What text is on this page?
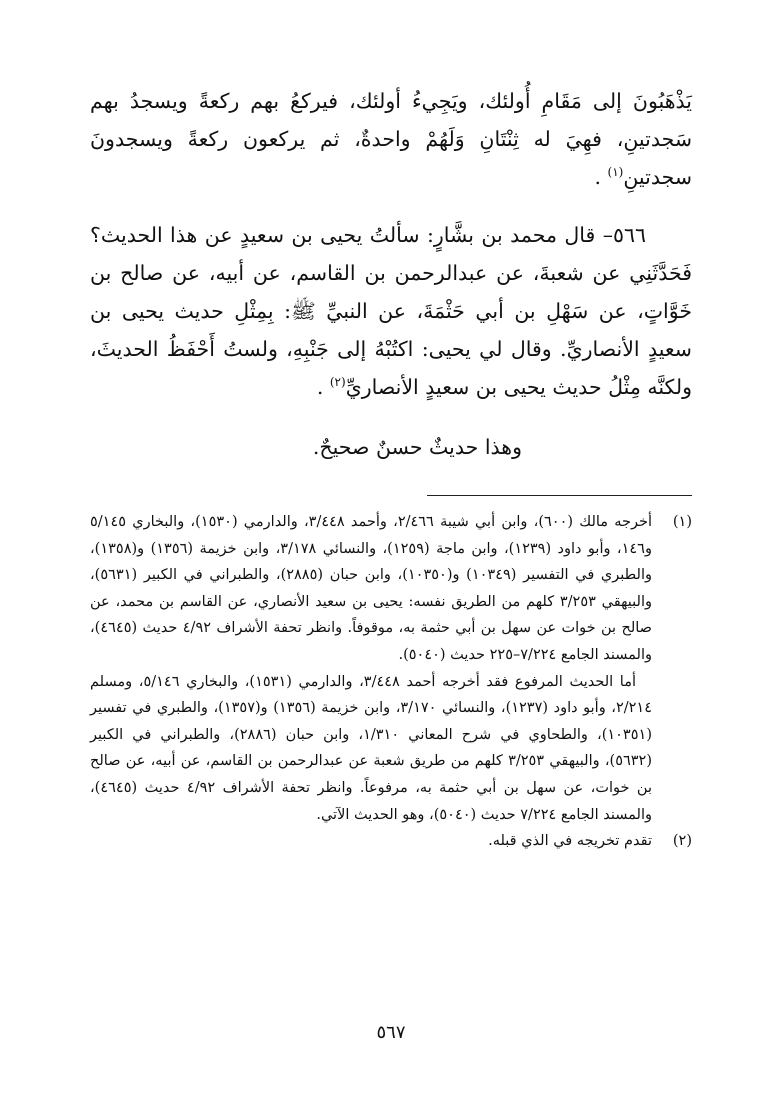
يَذْهَبُونَ إلى مَقَامِ أُولئك، ويَجِيءُ أولئك، فيركعُ بهم ركعةً ويسجدُ بهم سَجدتينِ، فهِيَ له ثِنْتَانِ وَلَهُمْ واحدةٌ، ثم يركعون ركعةً ويسجدونَ سجدتينِ$^{(١)}$ .

٥٦٦– قال محمد بن بشَّارٍ: سألتُ يحيى بن سعيدٍ عن هذا الحديث؟ فَحَدَّثَنِي عن شعبةَ، عن عبدالرحمن بن القاسم، عن أبيه، عن صالح بن خَوَّاتٍ، عن سَهْلِ بن أبي حَثْمَةَ، عن النبيِّ ﷺ: بِمِثْلِ حديث يحيى بن سعيدٍ الأنصاريِّ. وقال لي يحيى: اكتُبْهُ إلى جَنْبِهِ، ولستُ أَحْفَظُ الحديثَ، ولكنَّه مِثْلُ حديث يحيى بن سعيدٍ الأنصاريِّ$^{(٢)}$ .

وهذا حديثٌ حسنٌ صحيحٌ.

(١)

أخرجه مالك (٦٠٠)، وابن أبي شيبة ٢/٤٦٦، وأحمد ٣/٤٤٨، والدارمي (١٥٣٠)، والبخاري ٥/١٤٥ و١٤٦، وأبو داود (١٢٣٩)، وابن ماجة (١٢٥٩)، والنسائي ٣/١٧٨، وابن خزيمة (١٣٥٦) و(١٣٥٨)، والطبري في التفسير (١٠٣٤٩) و(١٠٣٥٠)، وابن حبان (٢٨٨٥)، والطبراني في الكبير (٥٦٣١)، والبيهقي ٣/٢٥٣ كلهم من الطريق نفسه: يحيى بن سعيد الأنصاري، عن القاسم بن محمد، عن صالح بن خوات عن سهل بن أبي حثمة به، موقوفاً. وانظر تحفة الأشراف ٤/٩٢ حديث (٤٦٤٥)، والمسند الجامع ٧/٢٢٤–٢٢٥ حديث (٥٠٤٠).

أما الحديث المرفوع فقد أخرجه أحمد ٣/٤٤٨، والدارمي (١٥٣١)، والبخاري ٥/١٤٦، ومسلم ٢/٢١٤، وأبو داود (١٢٣٧)، والنسائي ٣/١٧٠، وابن خزيمة (١٣٥٦) و(١٣٥٧)، والطبري في تفسير (١٠٣٥١)، والطحاوي في شرح المعاني ١/٣١٠، وابن حبان (٢٨٨٦)، والطبراني في الكبير (٥٦٣٢)، والبيهقي ٣/٢٥٣ كلهم من طريق شعبة عن عبدالرحمن بن القاسم، عن أبيه، عن صالح بن خوات، عن سهل بن أبي حثمة به، مرفوعاً. وانظر تحفة الأشراف ٤/٩٢ حديث (٤٦٤٥)، والمسند الجامع ٧/٢٢٤ حديث (٥٠٤٠)، وهو الحديث الآتي.

(٢)

تقدم تخريجه في الذي قبله.

٥٦٧
